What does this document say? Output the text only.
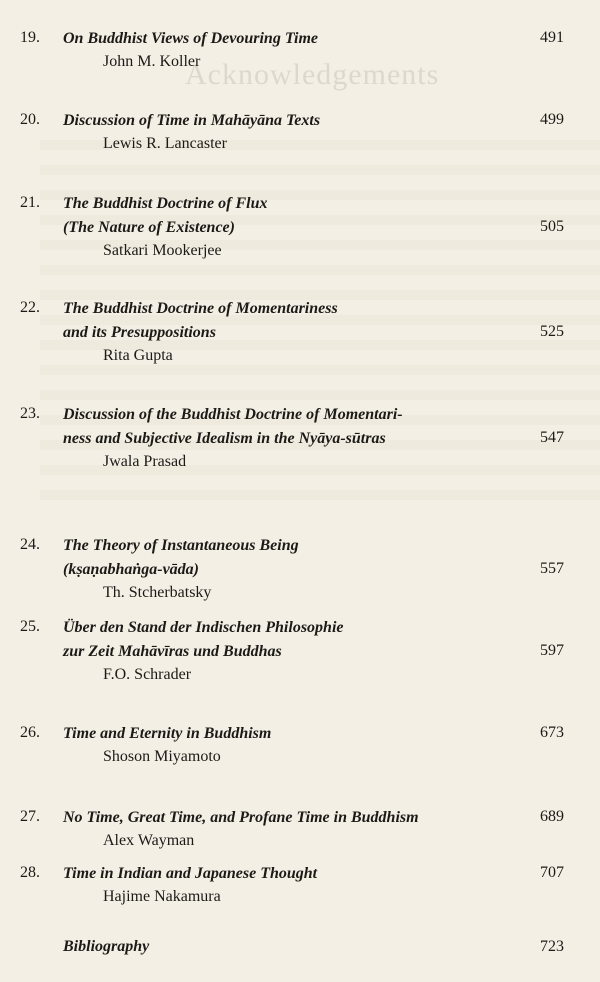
Acknowledgements
19. On Buddhist Views of Devouring Time	491
John M. Koller
20. Discussion of Time in Mahāyāna Texts	499
Lewis R. Lancaster
21. The Buddhist Doctrine of Flux
(The Nature of Existence)	505
Satkari Mookerjee
22. The Buddhist Doctrine of Momentariness
and its Presuppositions	525
Rita Gupta
23. Discussion of the Buddhist Doctrine of Momentari-
ness and Subjective Idealism in the Nyāya-sūtras	547
Jwala Prasad
24. The Theory of Instantaneous Being
(kṣaṇabhaṅga-vāda)	557
Th. Stcherbatsky
25. Über den Stand der Indischen Philosophie
zur Zeit Mahāvīras und Buddhas	597
F.O. Schrader
26. Time and Eternity in Buddhism	673
Shoson Miyamoto
27. No Time, Great Time, and Profane Time in Buddhism	689
Alex Wayman
28. Time in Indian and Japanese Thought	707
Hajime Nakamura
Bibliography	723
